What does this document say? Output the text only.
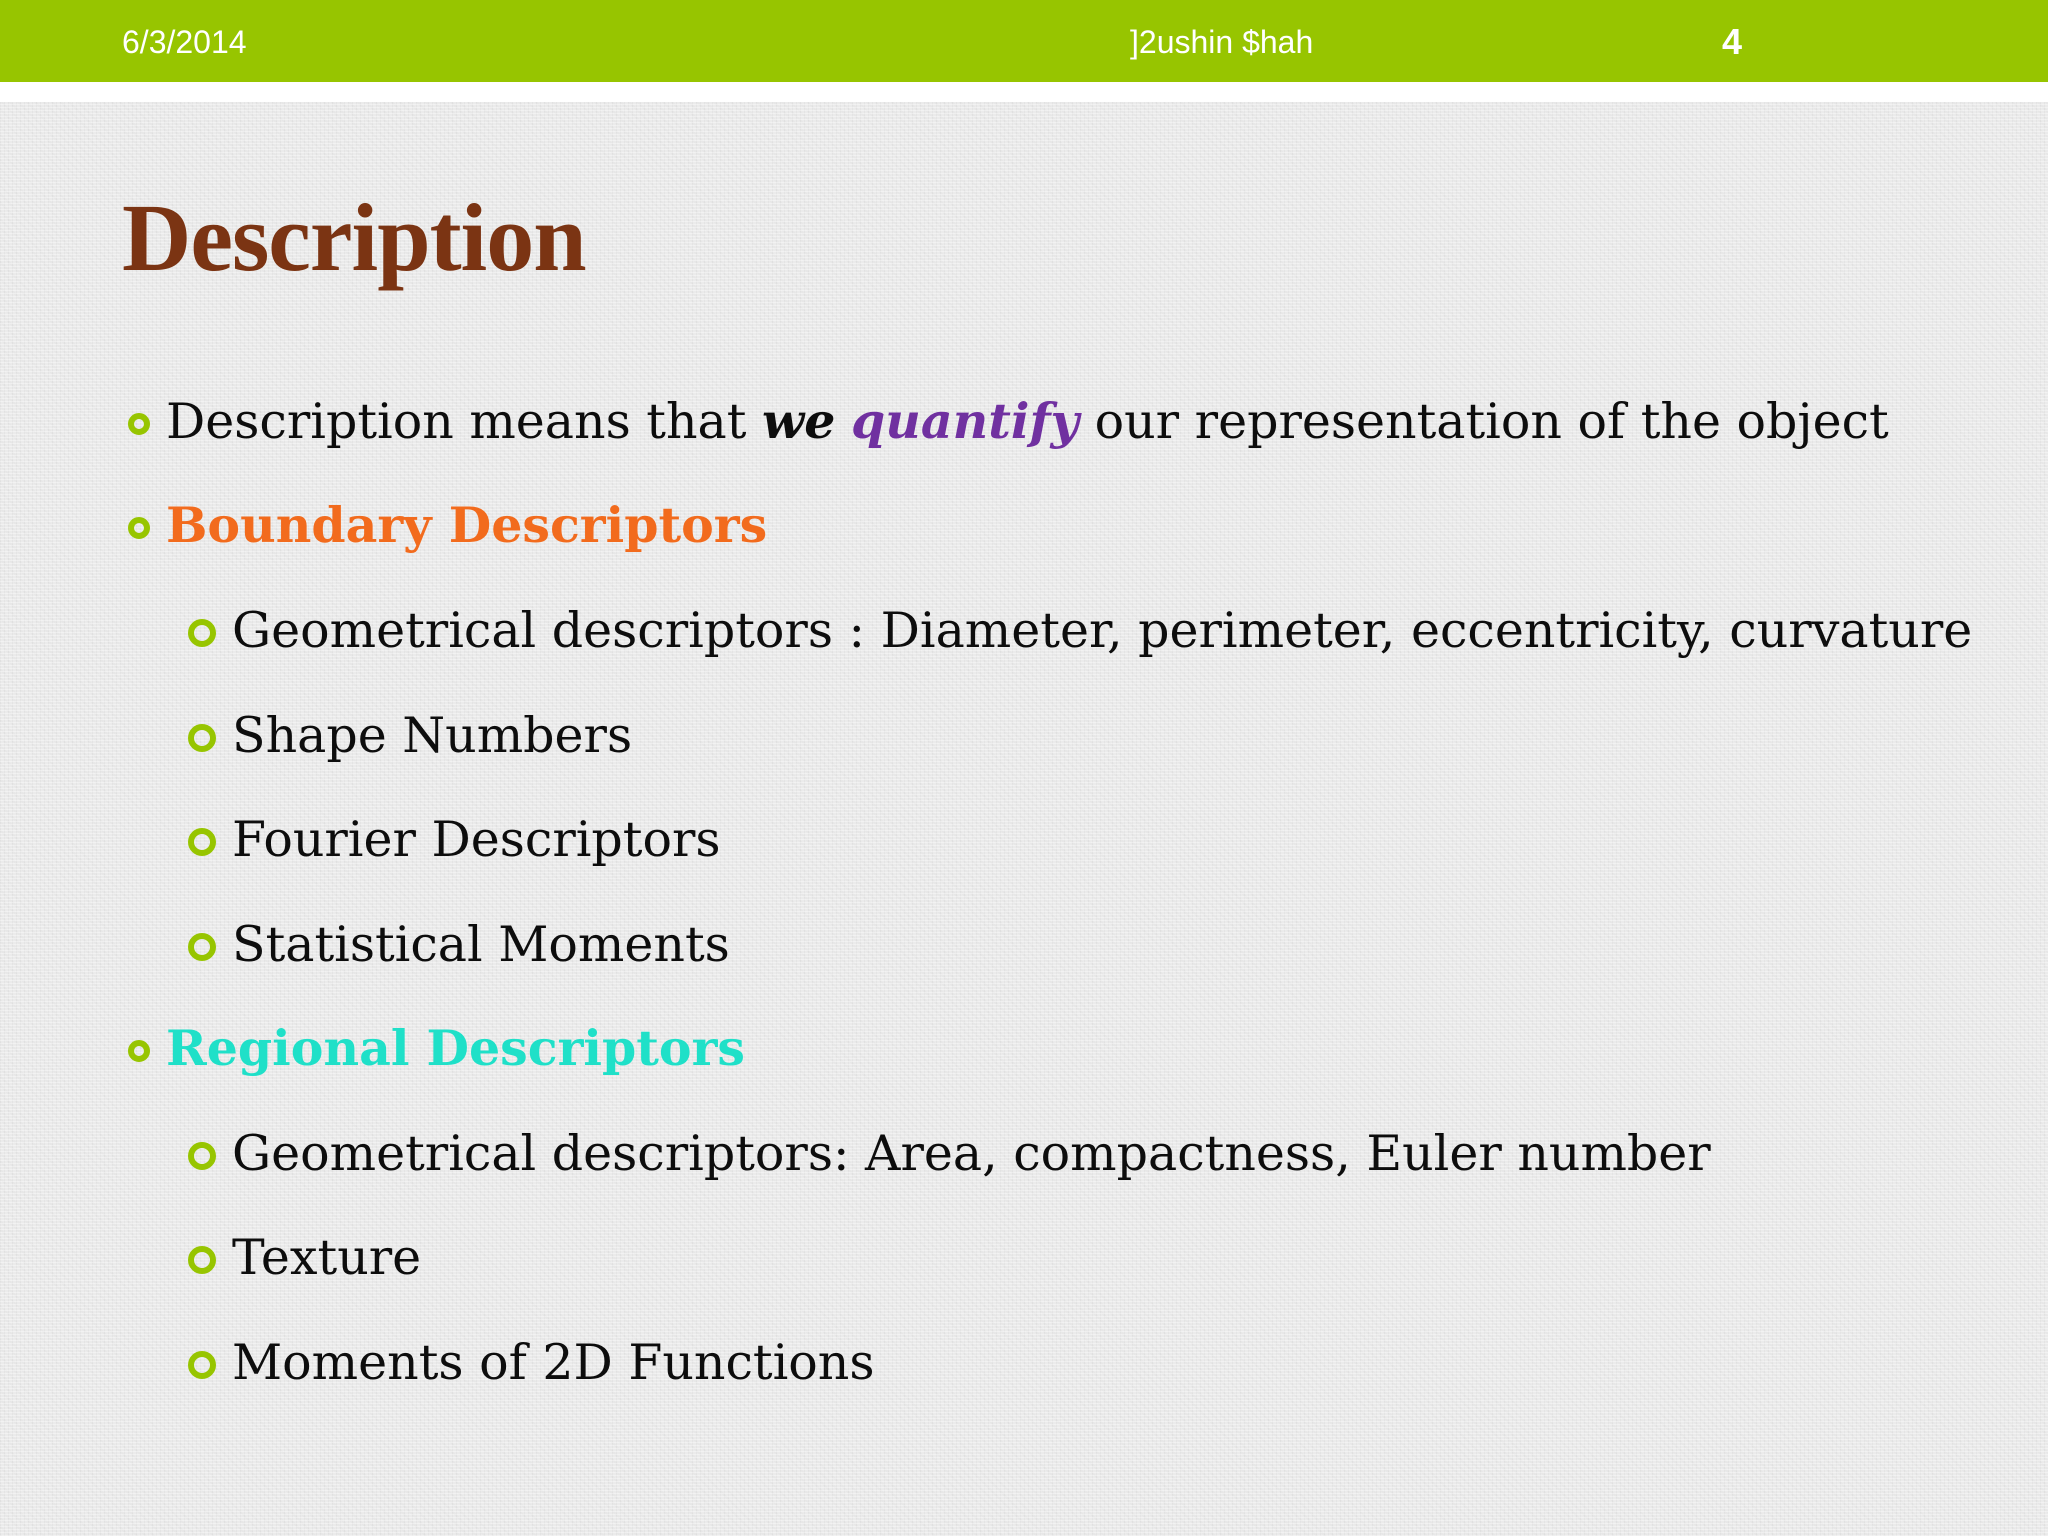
6/3/2014	]2ushin $hah	4
Description
Description means that
we
quantify
our representation of the object
Boundary Descriptors
Geometrical descriptors : Diameter, perimeter, eccentricity, curvature
Shape Numbers
Fourier Descriptors
Statistical Moments
Regional Descriptors
Geometrical descriptors: Area, compactness, Euler number
Texture
Moments of 2D Functions
